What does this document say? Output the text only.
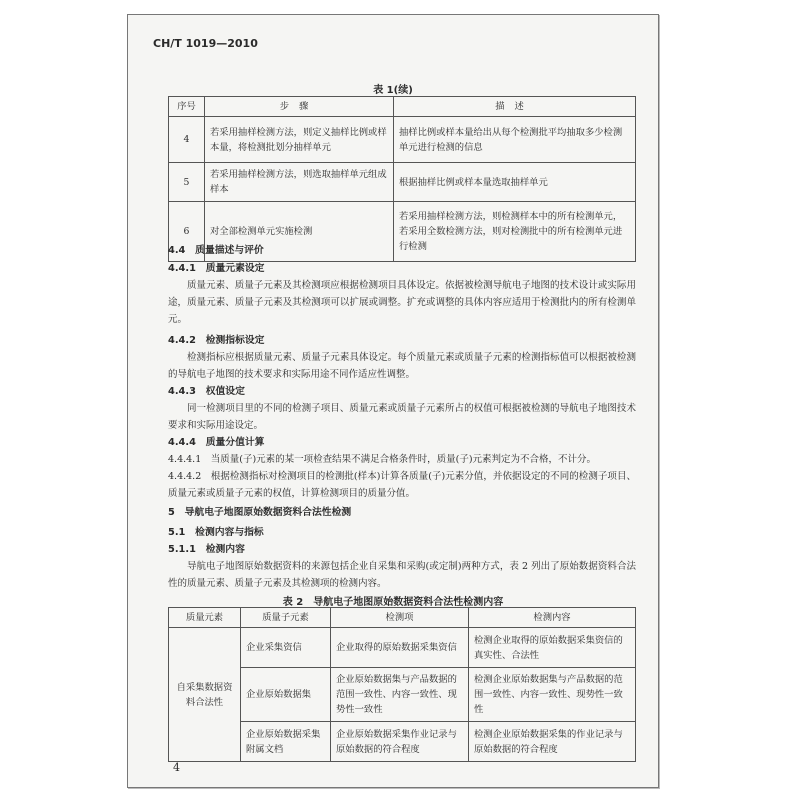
CH/T 1019—2010
表 1(续)
序号	步骤	描述
4	若采用抽样检测方法，则定义抽样比例或样本量，将检测批划分抽样单元	抽样比例或样本量给出从每个检测批平均抽取多少检测单元进行检测的信息
5	若采用抽样检测方法，则选取抽样单元组成样本	根据抽样比例或样本量选取抽样单元
6	对全部检测单元实施检测	若采用抽样检测方法，则检测样本中的所有检测单元，若采用全数检测方法，则对检测批中的所有检测单元进行检测
4.4　质量描述与评价
4.4.1　质量元素设定
质量元素、质量子元素及其检测项应根据检测项目具体设定。依据被检测导航电子地图的技术设计或实际用途，质量元素、质量子元素及其检测项可以扩展或调整。扩充或调整的具体内容应适用于检测批内的所有检测单元。
4.4.2　检测指标设定
检测指标应根据质量元素、质量子元素具体设定。每个质量元素或质量子元素的检测指标值可以根据被检测的导航电子地图的技术要求和实际用途不同作适应性调整。
4.4.3　权值设定
同一检测项目里的不同的检测子项目、质量元素或质量子元素所占的权值可根据被检测的导航电子地图技术要求和实际用途设定。
4.4.4　质量分值计算
4.4.4.1　当质量(子)元素的某一项检查结果不满足合格条件时，质量(子)元素判定为不合格，不计分。
4.4.4.2　根据检测指标对检测项目的检测批(样本)计算各质量(子)元素分值，并依据设定的不同的检测子项目、质量元素或质量子元素的权值，计算检测项目的质量分值。
5　导航电子地图原始数据资料合法性检测
5.1　检测内容与指标
5.1.1　检测内容
导航电子地图原始数据资料的来源包括企业自采集和采购(或定制)两种方式，表 2 列出了原始数据资料合法性的质量元素、质量子元素及其检测项的检测内容。
表 2　导航电子地图原始数据资料合法性检测内容
质量元素	质量子元素	检测项	检测内容
自采集数据资料合法性	企业采集资信	企业取得的原始数据采集资信	检测企业取得的原始数据采集资信的真实性、合法性
	企业原始数据集	企业原始数据集与产品数据的范围一致性、内容一致性、现势性一致性	检测企业原始数据集与产品数据的范围一致性、内容一致性、现势性一致性
	企业原始数据采集附属文档	企业原始数据采集作业记录与原始数据的符合程度	检测企业原始数据采集的作业记录与原始数据的符合程度
4
